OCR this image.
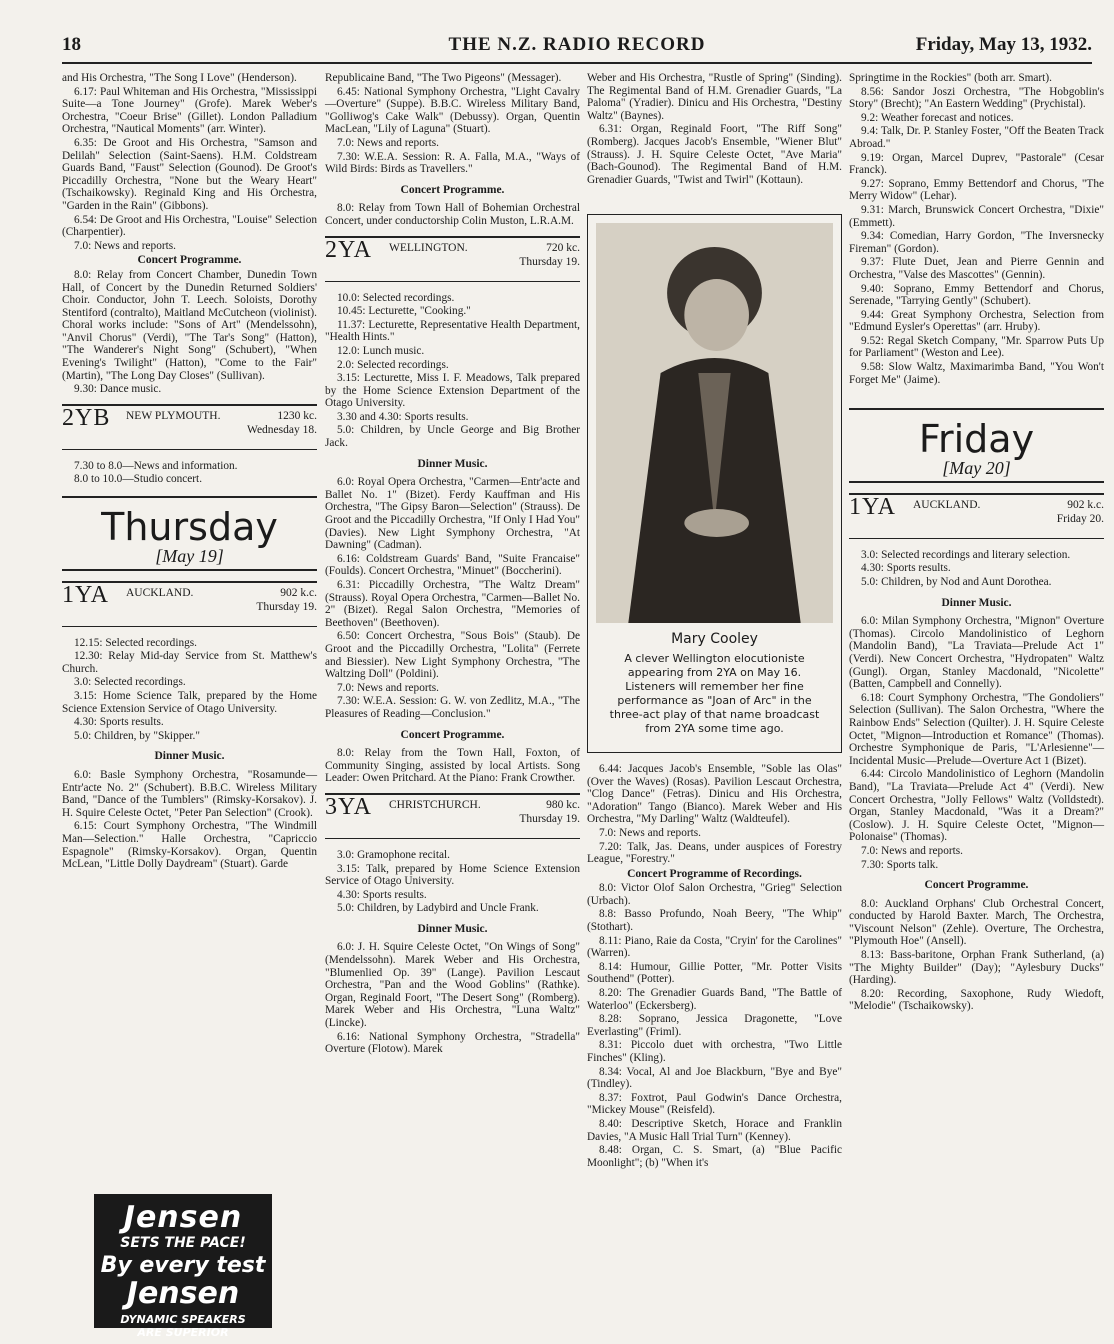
18	THE N.Z. RADIO RECORD	Friday, May 13, 1932.

and His Orchestra, "The Song I Love" (Henderson).

6.17: Paul Whiteman and His Orchestra, "Mississippi Suite—a Tone Journey" (Grofe). Marek Weber's Orchestra, "Coeur Brise" (Gillet). London Palladium Orchestra, "Nautical Moments" (arr. Winter).

6.35: De Groot and His Orchestra, "Samson and Delilah" Selection (Saint-Saens). H.M. Coldstream Guards Band, "Faust" Selection (Gounod). De Groot's Piccadilly Orchestra, "None but the Weary Heart" (Tschaikowsky). Reginald King and His Orchestra, "Garden in the Rain" (Gibbons).

6.54: De Groot and His Orchestra, "Louise" Selection (Charpentier).

7.0: News and reports.

Concert Programme.

8.0: Relay from Concert Chamber, Dunedin Town Hall, of Concert by the Dunedin Returned Soldiers' Choir. Conductor, John T. Leech. Soloists, Dorothy Stentiford (contralto), Maitland McCutcheon (violinist). Choral works include: "Sons of Art" (Mendelssohn), "Anvil Chorus" (Verdi), "The Tar's Song" (Hatton), "The Wanderer's Night Song" (Schubert), "When Evening's Twilight" (Hatton), "Come to the Fair" (Martin), "The Long Day Closes" (Sullivan).

9.30: Dance music.

2YB NEW PLYMOUTH.	1230 kc.
Wednesday 18.

7.30 to 8.0—News and information.

8.0 to 10.0—Studio concert.

Thursday
[May 19]
1YA AUCKLAND.	902 k.c.
Thursday 19.

12.15: Selected recordings.

12.30: Relay Mid-day Service from St. Matthew's Church.

3.0: Selected recordings.

3.15: Home Science Talk, prepared by the Home Science Extension Service of Otago University.

4.30: Sports results.

5.0: Children, by "Skipper."

Dinner Music.

6.0: Basle Symphony Orchestra, "Rosamunde—Entr'acte No. 2" (Schubert). B.B.C. Wireless Military Band, "Dance of the Tumblers" (Rimsky-Korsakov). J. H. Squire Celeste Octet, "Peter Pan Selection" (Crook).

6.15: Court Symphony Orchestra, "The Windmill Man—Selection." Halle Orchestra, "Capriccio Espagnole" (Rimsky-Korsakov). Organ, Quentin McLean, "Little Dolly Daydream" (Stuart). Garde

Jensen
SETS THE PACE!
By every test
Jensen
DYNAMIC SPEAKERS
ARE SUPERIOR

Republicaine Band, "The Two Pigeons" (Messager).

6.45: National Symphony Orchestra, "Light Cavalry—Overture" (Suppe). B.B.C. Wireless Military Band, "Golliwog's Cake Walk" (Debussy). Organ, Quentin MacLean, "Lily of Laguna" (Stuart).

7.0: News and reports.

7.30: W.E.A. Session: R. A. Falla, M.A., "Ways of Wild Birds: Birds as Travellers."

Concert Programme.

8.0: Relay from Town Hall of Bohemian Orchestral Concert, under conductorship Colin Muston, L.R.A.M.

2YA WELLINGTON.	720 kc.
Thursday 19.

10.0: Selected recordings.

10.45: Lecturette, "Cooking."

11.37: Lecturette, Representative Health Department, "Health Hints."

12.0: Lunch music.

2.0: Selected recordings.

3.15: Lecturette, Miss I. F. Meadows, Talk prepared by the Home Science Extension Department of the Otago University.

3.30 and 4.30: Sports results.

5.0: Children, by Uncle George and Big Brother Jack.

Dinner Music.

6.0: Royal Opera Orchestra, "Carmen—Entr'acte and Ballet No. 1" (Bizet). Ferdy Kauffman and His Orchestra, "The Gipsy Baron—Selection" (Strauss). De Groot and the Piccadilly Orchestra, "If Only I Had You" (Davies). New Light Symphony Orchestra, "At Dawning" (Cadman).

6.16: Coldstream Guards' Band, "Suite Francaise" (Foulds). Concert Orchestra, "Minuet" (Boccherini).

6.31: Piccadilly Orchestra, "The Waltz Dream" (Strauss). Royal Opera Orchestra, "Carmen—Ballet No. 2" (Bizet). Regal Salon Orchestra, "Memories of Beethoven" (Beethoven).

6.50: Concert Orchestra, "Sous Bois" (Staub). De Groot and the Piccadilly Orchestra, "Lolita" (Ferrete and Biessier). New Light Symphony Orchestra, "The Waltzing Doll" (Poldini).

7.0: News and reports.

7.30: W.E.A. Session: G. W. von Zedlitz, M.A., "The Pleasures of Reading—Conclusion."

Concert Programme.

8.0: Relay from the Town Hall, Foxton, of Community Singing, assisted by local Artists. Song Leader: Owen Pritchard. At the Piano: Frank Crowther.

3YA CHRISTCHURCH.	980 kc.
Thursday 19.

3.0: Gramophone recital.

3.15: Talk, prepared by Home Science Extension Service of Otago University.

4.30: Sports results.

5.0: Children, by Ladybird and Uncle Frank.

Dinner Music.

6.0: J. H. Squire Celeste Octet, "On Wings of Song" (Mendelssohn). Marek Weber and His Orchestra, "Blumenlied Op. 39" (Lange). Pavilion Lescaut Orchestra, "Pan and the Wood Goblins" (Rathke). Organ, Reginald Foort, "The Desert Song" (Romberg). Marek Weber and His Orchestra, "Luna Waltz" (Lincke).

6.16: National Symphony Orchestra, "Stradella" Overture (Flotow). Marek

Weber and His Orchestra, "Rustle of Spring" (Sinding). The Regimental Band of H.M. Grenadier Guards, "La Paloma" (Yradier). Dinicu and His Orchestra, "Destiny Waltz" (Baynes).

6.31: Organ, Reginald Foort, "The Riff Song" (Romberg). Jacques Jacob's Ensemble, "Wiener Blut" (Strauss). J. H. Squire Celeste Octet, "Ave Maria" (Bach-Gounod). The Regimental Band of H.M. Grenadier Guards, "Twist and Twirl" (Kottaun).

Mary Cooley
A clever Wellington elocutioniste appearing from 2YA on May 16. Listeners will remember her fine performance as "Joan of Arc" in the three-act play of that name broadcast from 2YA some time ago.

6.44: Jacques Jacob's Ensemble, "Soble las Olas" (Over the Waves) (Rosas). Pavilion Lescaut Orchestra, "Clog Dance" (Fetras). Dinicu and His Orchestra, "Adoration" Tango (Bianco). Marek Weber and His Orchestra, "My Darling" Waltz (Waldteufel).

7.0: News and reports.

7.20: Talk, Jas. Deans, under auspices of Forestry League, "Forestry."

Concert Programme of Recordings.

8.0: Victor Olof Salon Orchestra, "Grieg" Selection (Urbach).

8.8: Basso Profundo, Noah Beery, "The Whip" (Stothart).

8.11: Piano, Raie da Costa, "Cryin' for the Carolines" (Warren).

8.14: Humour, Gillie Potter, "Mr. Potter Visits Southend" (Potter).

8.20: The Grenadier Guards Band, "The Battle of Waterloo" (Eckersberg).

8.28: Soprano, Jessica Dragonette, "Love Everlasting" (Friml).

8.31: Piccolo duet with orchestra, "Two Little Finches" (Kling).

8.34: Vocal, Al and Joe Blackburn, "Bye and Bye" (Tindley).

8.37: Foxtrot, Paul Godwin's Dance Orchestra, "Mickey Mouse" (Reisfeld).

8.40: Descriptive Sketch, Horace and Franklin Davies, "A Music Hall Trial Turn" (Kenney).

8.48: Organ, C. S. Smart, (a) "Blue Pacific Moonlight"; (b) "When it's

Springtime in the Rockies" (both arr. Smart).

8.56: Sandor Joszi Orchestra, "The Hobgoblin's Story" (Brecht); "An Eastern Wedding" (Prychistal).

9.2: Weather forecast and notices.

9.4: Talk, Dr. P. Stanley Foster, "Off the Beaten Track Abroad."

9.19: Organ, Marcel Duprev, "Pastorale" (Cesar Franck).

9.27: Soprano, Emmy Bettendorf and Chorus, "The Merry Widow" (Lehar).

9.31: March, Brunswick Concert Orchestra, "Dixie" (Emmett).

9.34: Comedian, Harry Gordon, "The Inversnecky Fireman" (Gordon).

9.37: Flute Duet, Jean and Pierre Gennin and Orchestra, "Valse des Mascottes" (Gennin).

9.40: Soprano, Emmy Bettendorf and Chorus, Serenade, "Tarrying Gently" (Schubert).

9.44: Great Symphony Orchestra, Selection from "Edmund Eysler's Operettas" (arr. Hruby).

9.52: Regal Sketch Company, "Mr. Sparrow Puts Up for Parliament" (Weston and Lee).

9.58: Slow Waltz, Maximarimba Band, "You Won't Forget Me" (Jaime).

Friday
[May 20]
1YA AUCKLAND.	902 k.c.
Friday 20.

3.0: Selected recordings and literary selection.

4.30: Sports results.

5.0: Children, by Nod and Aunt Dorothea.

Dinner Music.

6.0: Milan Symphony Orchestra, "Mignon" Overture (Thomas). Circolo Mandolinistico of Leghorn (Mandolin Band), "La Traviata—Prelude Act 1" (Verdi). New Concert Orchestra, "Hydropaten" Waltz (Gungl). Organ, Stanley Macdonald, "Nicolette" (Batten, Campbell and Connelly).

6.18: Court Symphony Orchestra, "The Gondoliers" Selection (Sullivan). The Salon Orchestra, "Where the Rainbow Ends" Selection (Quilter). J. H. Squire Celeste Octet, "Mignon—Introduction et Romance" (Thomas). Orchestre Symphonique de Paris, "L'Arlesienne"—Incidental Music—Prelude—Overture Act 1 (Bizet).

6.44: Circolo Mandolinistico of Leghorn (Mandolin Band), "La Traviata—Prelude Act 4" (Verdi). New Concert Orchestra, "Jolly Fellows" Waltz (Volldstedt). Organ, Stanley Macdonald, "Was it a Dream?" (Coslow). J. H. Squire Celeste Octet, "Mignon—Polonaise" (Thomas).

7.0: News and reports.

7.30: Sports talk.

Concert Programme.

8.0: Auckland Orphans' Club Orchestral Concert, conducted by Harold Baxter. March, The Orchestra, "Viscount Nelson" (Zehle). Overture, The Orchestra, "Plymouth Hoe" (Ansell).

8.13: Bass-baritone, Orphan Frank Sutherland, (a) "The Mighty Builder" (Day); "Aylesbury Ducks" (Harding).

8.20: Recording, Saxophone, Rudy Wiedoft, "Melodie" (Tschaikowsky).
